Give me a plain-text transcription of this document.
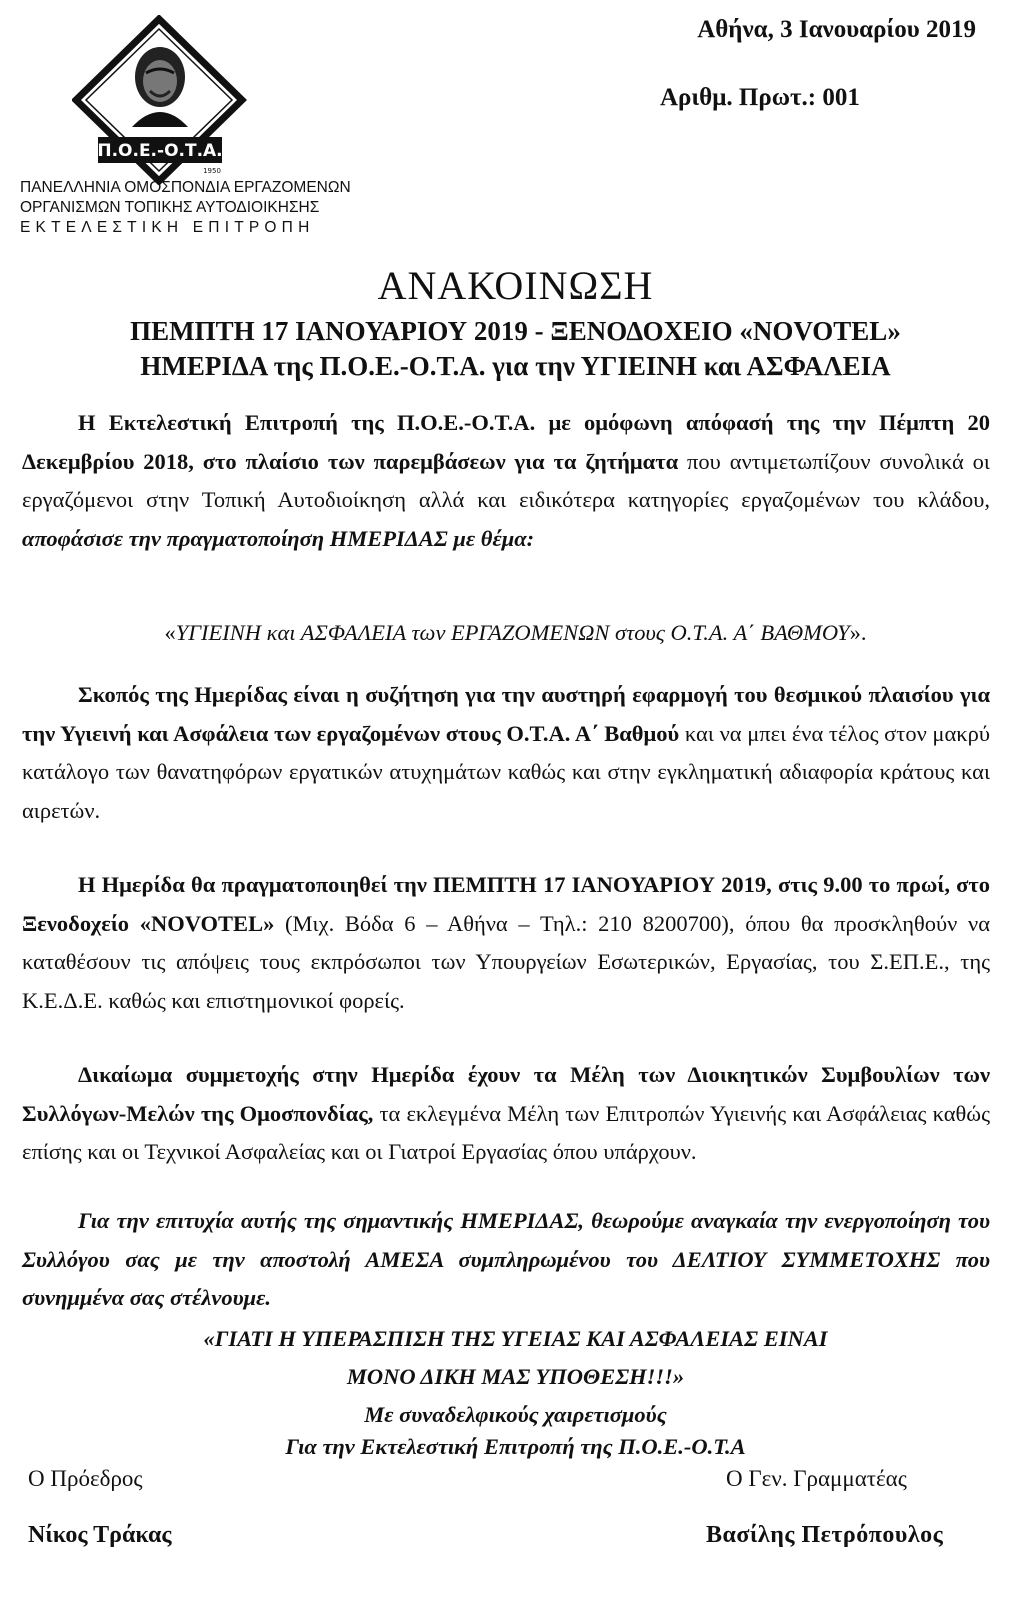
Αθήνα, 3 Ιανουαρίου 2019
Αριθμ. Πρωτ.: 001
Π.Ο.Ε.-Ο.Τ.Α.
1950
ΠΑΝΕΛΛΗΝΙΑ ΟΜΟΣΠΟΝΔΙΑ ΕΡΓΑΖΟΜΕΝΩΝ
ΟΡΓΑΝΙΣΜΩΝ ΤΟΠΙΚΗΣ ΑΥΤΟΔΙΟΙΚΗΣΗΣ
ΕΚΤΕΛΕΣΤΙΚΗ ΕΠΙΤΡΟΠΗ
ΑΝΑΚΟΙΝΩΣΗ
ΠΕΜΠΤΗ 17 ΙΑΝΟΥΑΡΙΟΥ 2019 - ΞΕΝΟΔΟΧΕΙΟ «NOVOTEL»
ΗΜΕΡΙΔΑ της Π.Ο.Ε.-Ο.Τ.Α. για την ΥΓΙΕΙΝΗ και ΑΣΦΑΛΕΙΑ
Η Εκτελεστική Επιτροπή της Π.Ο.Ε.-Ο.Τ.Α. με ομόφωνη απόφασή της την Πέμπτη 20 Δεκεμβρίου 2018, στο πλαίσιο των παρεμβάσεων για τα ζητήματα που αντιμετωπίζουν συνολικά οι εργαζόμενοι στην Τοπική Αυτοδιοίκηση αλλά και ειδικότερα κατηγορίες εργαζομένων του κλάδου, αποφάσισε την πραγματοποίηση ΗΜΕΡΙΔΑΣ με θέμα:
«ΥΓΙΕΙΝΗ και ΑΣΦΑΛΕΙΑ των ΕΡΓΑΖΟΜΕΝΩΝ στους Ο.Τ.Α. Α΄ ΒΑΘΜΟΥ».
Σκοπός της Ημερίδας είναι η συζήτηση για την αυστηρή εφαρμογή του θεσμικού πλαισίου για την Υγιεινή και Ασφάλεια των εργαζομένων στους Ο.Τ.Α. Α΄ Βαθμού και να μπει ένα τέλος στον μακρύ κατάλογο των θανατηφόρων εργατικών ατυχημάτων καθώς και στην εγκληματική αδιαφορία κράτους και αιρετών.
Η Ημερίδα θα πραγματοποιηθεί την ΠΕΜΠΤΗ 17 ΙΑΝΟΥΑΡΙΟΥ 2019, στις 9.00 το πρωί, στο Ξενοδοχείο «NOVOTEL» (Μιχ. Βόδα 6 – Αθήνα – Τηλ.: 210 8200700), όπου θα προσκληθούν να καταθέσουν τις απόψεις τους εκπρόσωποι των Υπουργείων Εσωτερικών, Εργασίας, του Σ.ΕΠ.Ε., της Κ.Ε.Δ.Ε. καθώς και επιστημονικοί φορείς.
Δικαίωμα συμμετοχής στην Ημερίδα έχουν τα Μέλη των Διοικητικών Συμβουλίων των Συλλόγων-Μελών της Ομοσπονδίας, τα εκλεγμένα Μέλη των Επιτροπών Υγιεινής και Ασφάλειας καθώς επίσης και οι Τεχνικοί Ασφαλείας και οι Γιατροί Εργασίας όπου υπάρχουν.
Για την επιτυχία αυτής της σημαντικής ΗΜΕΡΙΔΑΣ, θεωρούμε αναγκαία την ενεργοποίηση του Συλλόγου σας με την αποστολή ΑΜΕΣΑ συμπληρωμένου του ΔΕΛΤΙΟΥ ΣΥΜΜΕΤΟΧΗΣ που συνημμένα σας στέλνουμε.
«ΓΙΑΤΙ Η ΥΠΕΡΑΣΠΙΣΗ ΤΗΣ ΥΓΕΙΑΣ ΚΑΙ ΑΣΦΑΛΕΙΑΣ ΕΙΝΑΙ
ΜΟΝΟ ΔΙΚΗ ΜΑΣ ΥΠΟΘΕΣΗ!!!»
Με συναδελφικούς χαιρετισμούς
Για την Εκτελεστική Επιτροπή της Π.Ο.Ε.-Ο.Τ.Α
Ο Πρόεδρος	Ο Γεν. Γραμματέας
Νίκος Τράκας	Βασίλης Πετρόπουλος
